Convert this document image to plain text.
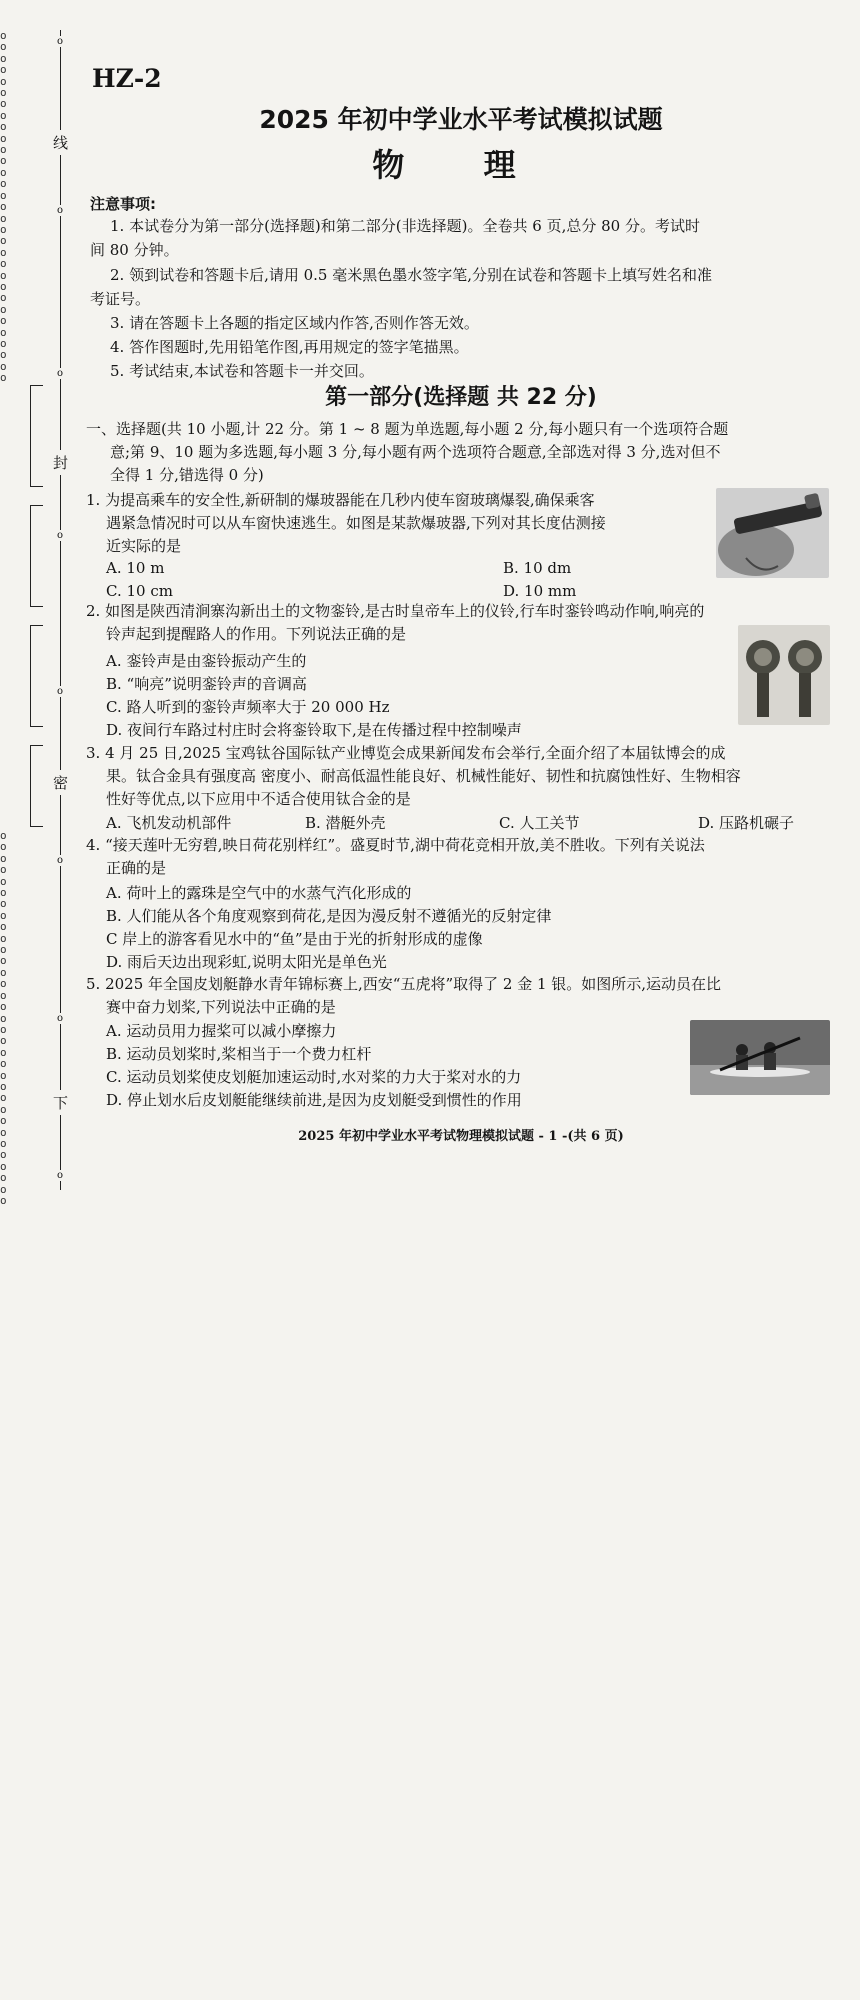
o
o
o
o
o
o
o
o
o
o
o
o
o
o
o
o
o
o
o
o
o
o
o
o
o
o
o
o
o
o
o

o
o
o
o
o
o
o
o
o
o
o
o
o
o
o
o
o
o
o
o
o
o
o
o
o
o
o
o
o
o
o
o
o

o
o
o
o
o
o
o
o
线
封
密
下
HZ-2
2025 年初中学业水平考试模拟试题
物 理
注意事项:
1. 本试卷分为第一部分(选择题)和第二部分(非选择题)。全卷共 6 页,总分 80 分。考试时
间 80 分钟。
2. 领到试卷和答题卡后,请用 0.5 毫米黑色墨水签字笔,分别在试卷和答题卡上填写姓名和准
考证号。
3. 请在答题卡上各题的指定区域内作答,否则作答无效。
4. 答作图题时,先用铅笔作图,再用规定的签字笔描黑。
5. 考试结束,本试卷和答题卡一并交回。
第一部分(选择题 共 22 分)
一、选择题(共 10 小题,计 22 分。第 1 ~ 8 题为单选题,每小题 2 分,每小题只有一个选项符合题
意;第 9、10 题为多选题,每小题 3 分,每小题有两个选项符合题意,全部选对得 3 分,选对但不
全得 1 分,错选得 0 分)
1. 为提高乘车的安全性,新研制的爆玻器能在几秒内使车窗玻璃爆裂,确保乘客
遇紧急情况时可以从车窗快速逃生。如图是某款爆玻器,下列对其长度估测接
近实际的是
A. 10 m	B. 10 dm
C. 10 cm	D. 10 mm
2. 如图是陕西清涧寨沟新出土的文物銮铃,是古时皇帝车上的仪铃,行车时銮铃鸣动作响,响亮的
铃声起到提醒路人的作用。下列说法正确的是
A. 銮铃声是由銮铃振动产生的
B. “响亮”说明銮铃声的音调高
C. 路人听到的銮铃声频率大于 20 000 Hz
D. 夜间行车路过村庄时会将銮铃取下,是在传播过程中控制噪声
3. 4 月 25 日,2025 宝鸡钛谷国际钛产业博览会成果新闻发布会举行,全面介绍了本届钛博会的成
果。钛合金具有强度高 密度小、耐高低温性能良好、机械性能好、韧性和抗腐蚀性好、生物相容
性好等优点,以下应用中不适合使用钛合金的是
A. 飞机发动机部件	B. 潜艇外壳	C. 人工关节	D. 压路机碾子
4. “接天莲叶无穷碧,映日荷花别样红”。盛夏时节,湖中荷花竞相开放,美不胜收。下列有关说法
正确的是
A. 荷叶上的露珠是空气中的水蒸气汽化形成的
B. 人们能从各个角度观察到荷花,是因为漫反射不遵循光的反射定律
C 岸上的游客看见水中的“鱼”是由于光的折射形成的虚像
D. 雨后天边出现彩虹,说明太阳光是单色光
5. 2025 年全国皮划艇静水青年锦标赛上,西安“五虎将”取得了 2 金 1 银。如图所示,运动员在比
赛中奋力划桨,下列说法中正确的是
A. 运动员用力握桨可以减小摩擦力
B. 运动员划桨时,桨相当于一个费力杠杆
C. 运动员划桨使皮划艇加速运动时,水对桨的力大于桨对水的力
D. 停止划水后皮划艇能继续前进,是因为皮划艇受到惯性的作用
2025 年初中学业水平考试物理模拟试题 - 1 -(共 6 页)
